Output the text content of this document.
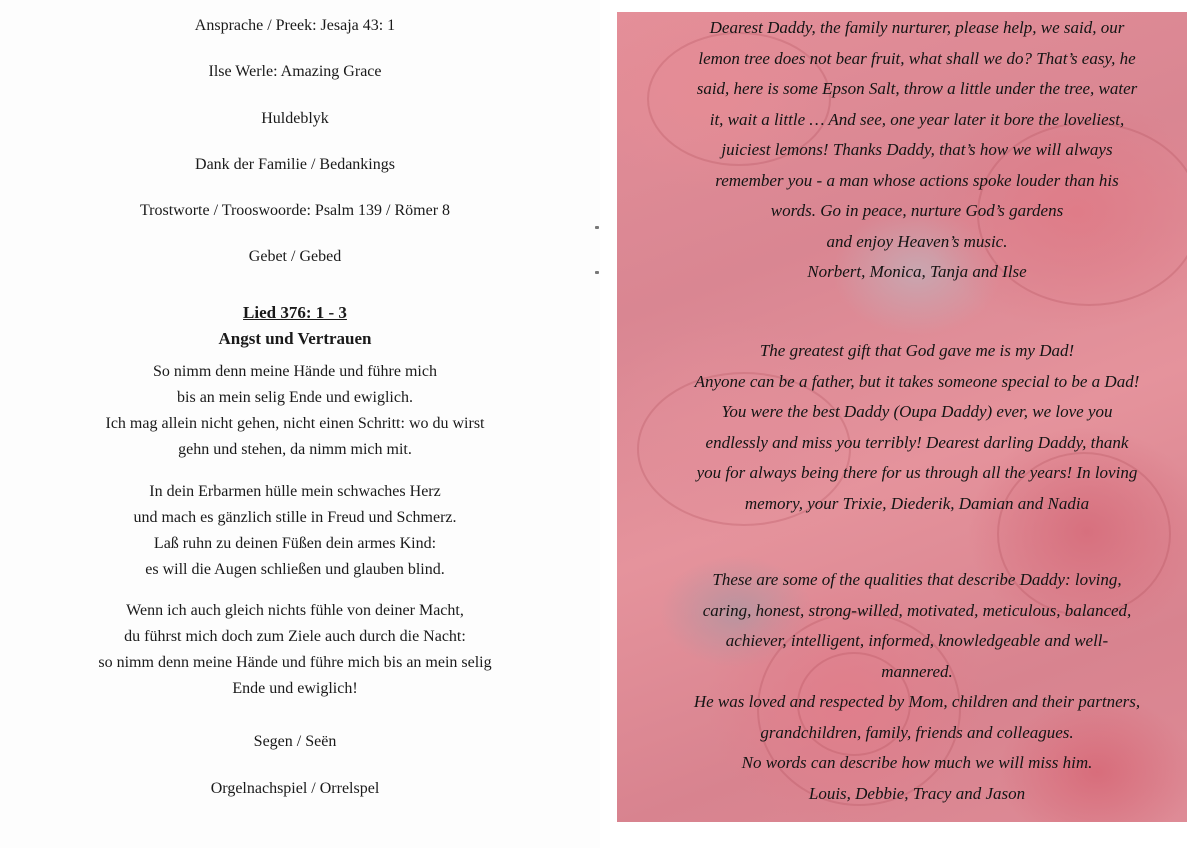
Ansprache / Preek: Jesaja 43: 1
Ilse Werle: Amazing Grace
Huldeblyk
Dank der Familie / Bedankings
Trostworte / Trooswoorde: Psalm 139 / Römer 8
Gebet / Gebed
Lied 376: 1 - 3
Angst und Vertrauen
So nimm denn meine Hände und führe mich
bis an mein selig Ende und ewiglich.
Ich mag allein nicht gehen, nicht einen Schritt: wo du wirst
gehn und stehen, da nimm mich mit.
In dein Erbarmen hülle mein schwaches Herz
und mach es gänzlich stille in Freud und Schmerz.
Laß ruhn zu deinen Füßen dein armes Kind:
es will die Augen schließen und glauben blind.
Wenn ich auch gleich nichts fühle von deiner Macht,
du führst mich doch zum Ziele auch durch die Nacht:
so nimm denn meine Hände und führe mich bis an mein selig
Ende und ewiglich!
Segen / Seën
Orgelnachspiel / Orrelspel
Dearest Daddy, the family nurturer, please help, we said, our
lemon tree does not bear fruit, what shall we do? That’s easy, he
said, here is some Epson Salt, throw a little under the tree, water
it, wait a little … And see, one year later it bore the loveliest,
juiciest lemons! Thanks Daddy, that’s how we will always
remember you - a man whose actions spoke louder than his
words. Go in peace, nurture God’s gardens
and enjoy Heaven’s music.
Norbert, Monica, Tanja and Ilse
The greatest gift that God gave me is my Dad!
Anyone can be a father, but it takes someone special to be a Dad!
You were the best Daddy (Oupa Daddy) ever, we love you
endlessly and miss you terribly! Dearest darling Daddy, thank
you for always being there for us through all the years! In loving
memory, your Trixie, Diederik, Damian and Nadia
These are some of the qualities that describe Daddy: loving,
caring, honest, strong-willed, motivated, meticulous, balanced,
achiever, intelligent, informed, knowledgeable and well-
mannered.
He was loved and respected by Mom, children and their partners,
grandchildren, family, friends and colleagues.
No words can describe how much we will miss him.
Louis, Debbie, Tracy and Jason
